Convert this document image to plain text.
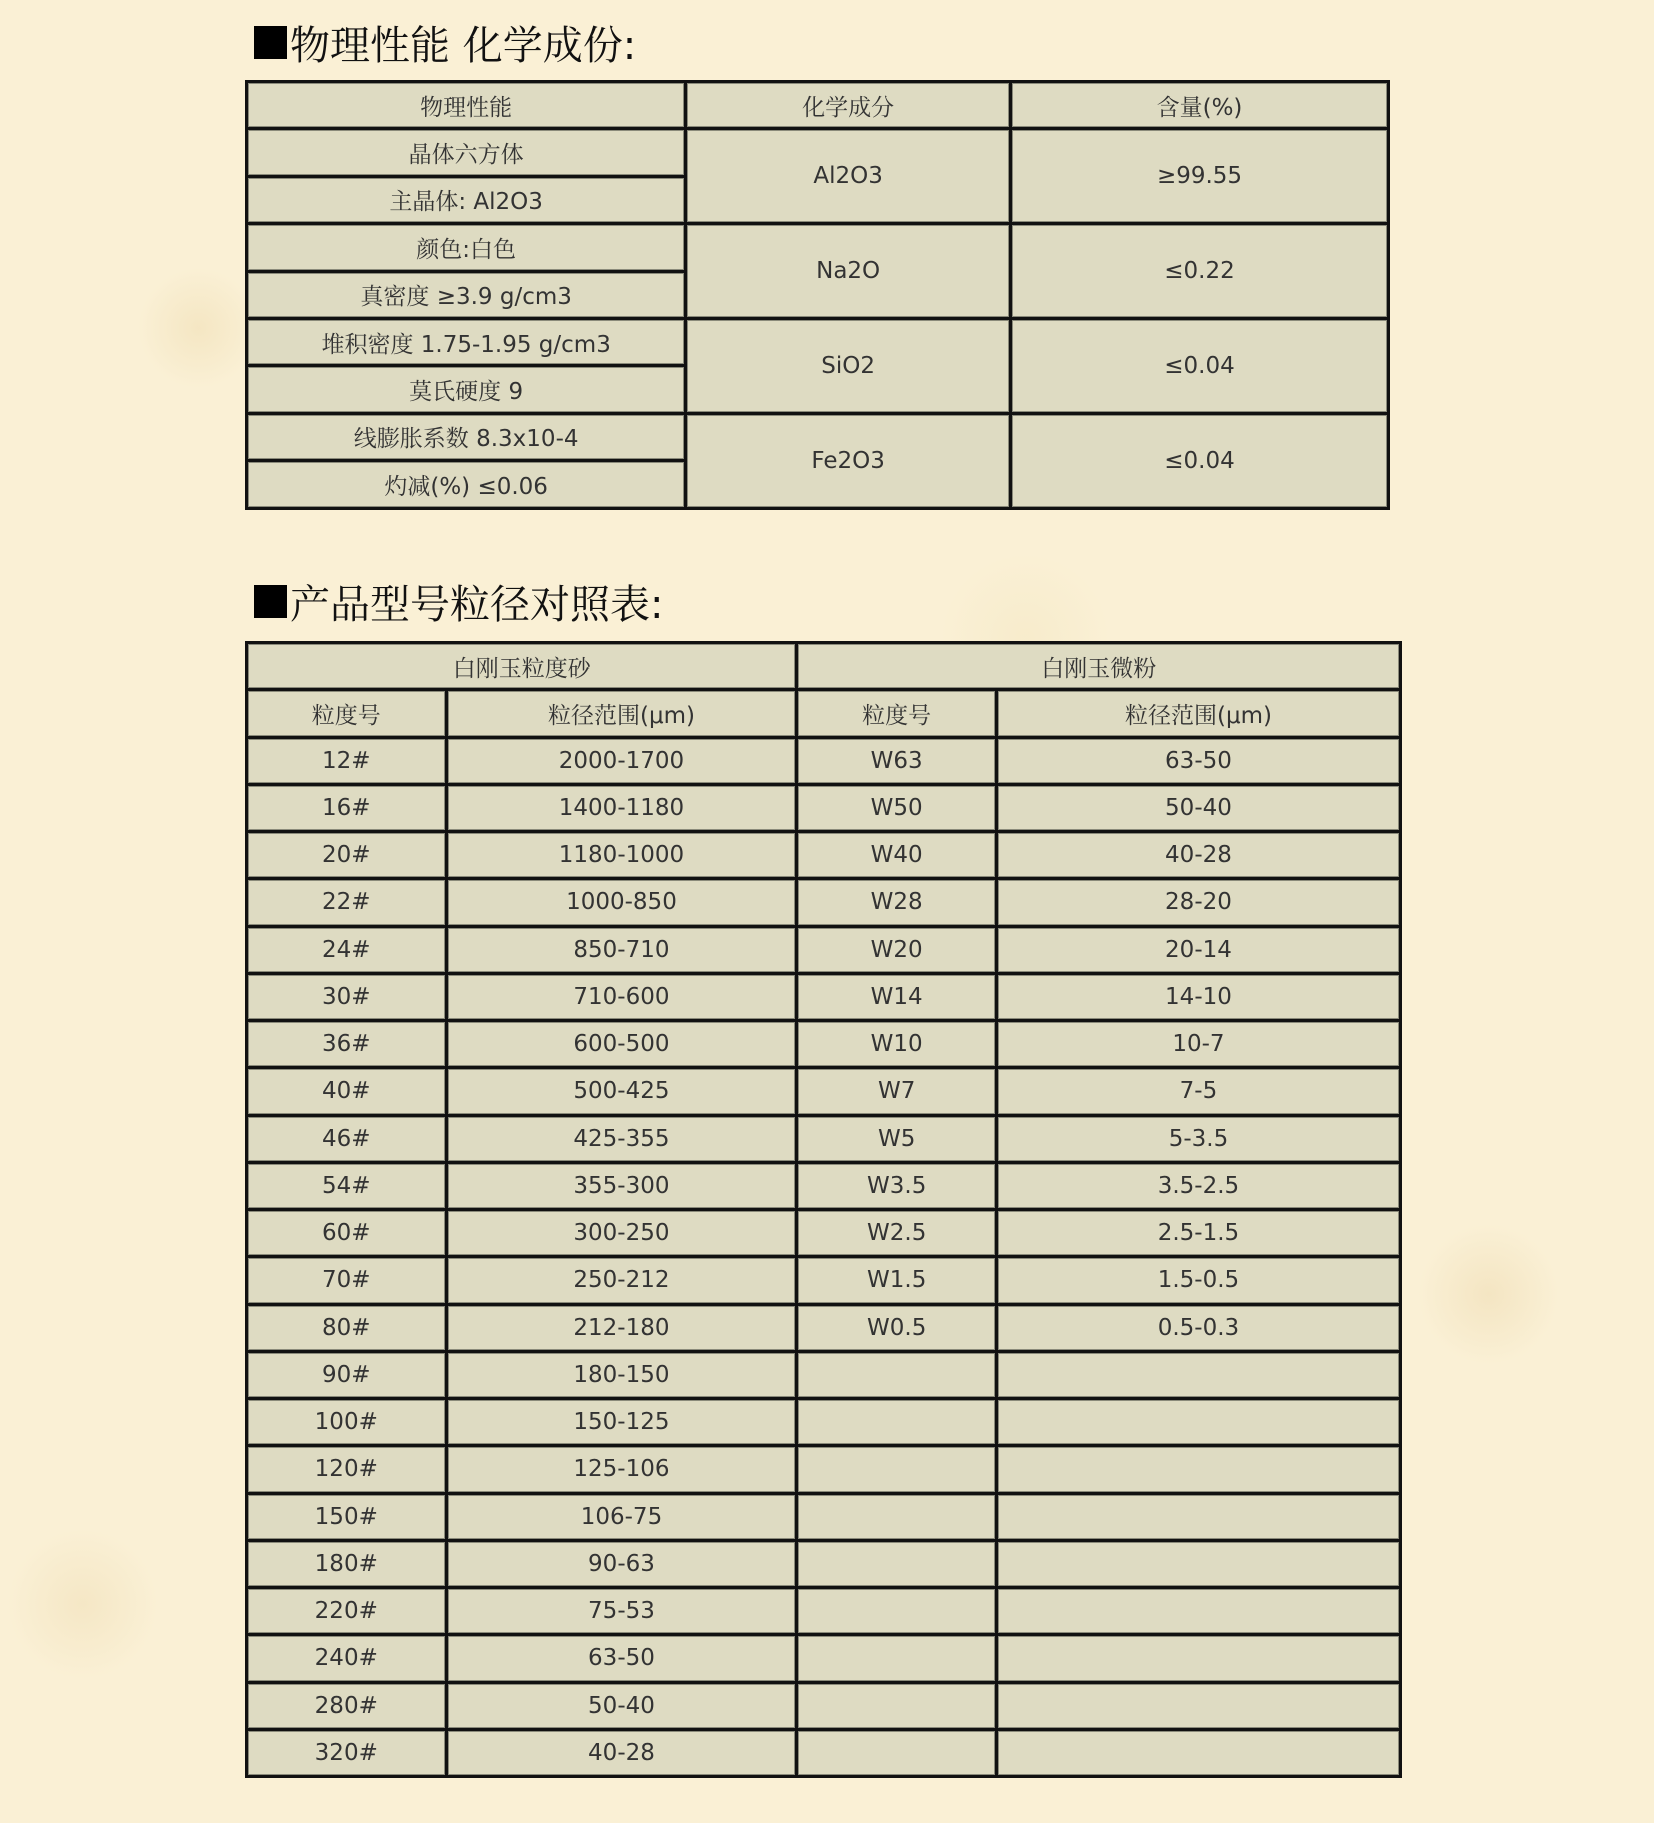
物理性能 化学成份:
物理性能	化学成分	含量(%)
晶体六方体	Al2O3	≥99.55
主晶体: Al2O3		
颜色:白色	Na2O	≤0.22
真密度 ≥3.9 g/cm3		
堆积密度 1.75-1.95 g/cm3	SiO2	≤0.04
莫氏硬度 9		
线膨胀系数 8.3x10-4	Fe2O3	≤0.04
灼减(%) ≤0.06		
产品型号粒径对照表:
白刚玉粒度砂		白刚玉微粉	
粒度号	粒径范围(μm)	粒度号	粒径范围(μm)
12#	2000-1700	W63	63-50
16#	1400-1180	W50	50-40
20#	1180-1000	W40	40-28
22#	1000-850	W28	28-20
24#	850-710	W20	20-14
30#	710-600	W14	14-10
36#	600-500	W10	10-7
40#	500-425	W7	7-5
46#	425-355	W5	5-3.5
54#	355-300	W3.5	3.5-2.5
60#	300-250	W2.5	2.5-1.5
70#	250-212	W1.5	1.5-0.5
80#	212-180	W0.5	0.5-0.3
90#	180-150		
100#	150-125		
120#	125-106		
150#	106-75		
180#	90-63		
220#	75-53		
240#	63-50		
280#	50-40		
320#	40-28		
